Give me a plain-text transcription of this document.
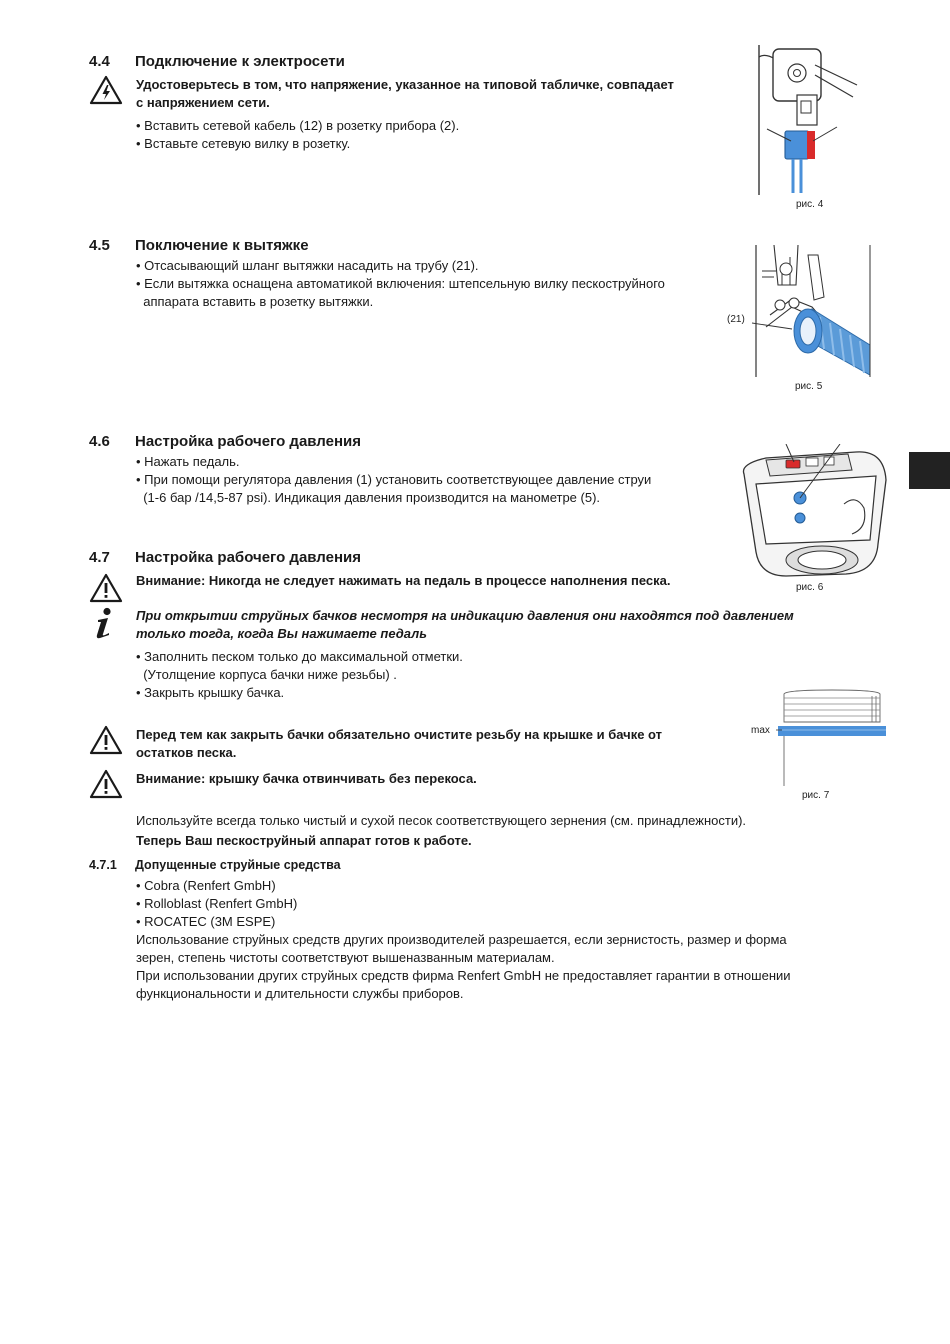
4.4 Подключение к электросети
Удостоверьтесь в том, что напряжение, указанное на типовой табличке, совпадает
с напряжением сети.
• Вставить сетевой кабель (12) в розетку прибора (2).
• Вставьте сетевую вилку в розетку.
рис. 4
4.5 Поключение к вытяжке
• Отсасывающий шланг вытяжки насадить на трубу (21).
• Если вытяжка оснащена автоматикой включения: штепсельную вилку пескоструйного
аппарата вставить в розетку вытяжки.
(21)
рис. 5
4.6 Настройка рабочего давления
• Нажать педаль.
• При помощи регулятора давления (1) установить соответствующее давление струи
(1-6 бар /14,5-87 psi). Индикация давления производится на манометре (5).
рис. 6
4.7 Настройка рабочего давления
Внимание: Никогда не следует нажимать на педаль в процессе наполнения песка.
При открытии струйных бачков несмотря на индикацию давления они находятся под давлением
только тогда, когда Вы нажимаете педаль
• Заполнить песком только до максимальной отметки.
(Утолщение корпуса бачки ниже резьбы) .
• Закрыть крышку бачка.
Перед тем как закрыть бачки обязательно очистите резьбу на крышке и бачке от
остатков песка.
Внимание: крышку бачка отвинчивать без перекоса.
max
рис. 7
Используйте всегда только чистый и сухой песок соответствующего зернения (см. принадлежности).
Теперь Ваш пескоструйный аппарат готов к работе.
4.7.1 Допущенные струйные средства
• Cobra (Renfert GmbH)
• Rolloblast (Renfert GmbH)
• ROCATEC (3M ESPE)
Использование струйных средств других производителей разрешается, если зернистость, размер и форма
зерен, степень чистоты соответствуют вышеназванным материалам.
При использовании других струйных средств фирма Renfert GmbH не предоставляет гарантии в отношении
функциональности и длительности службы приборов.
